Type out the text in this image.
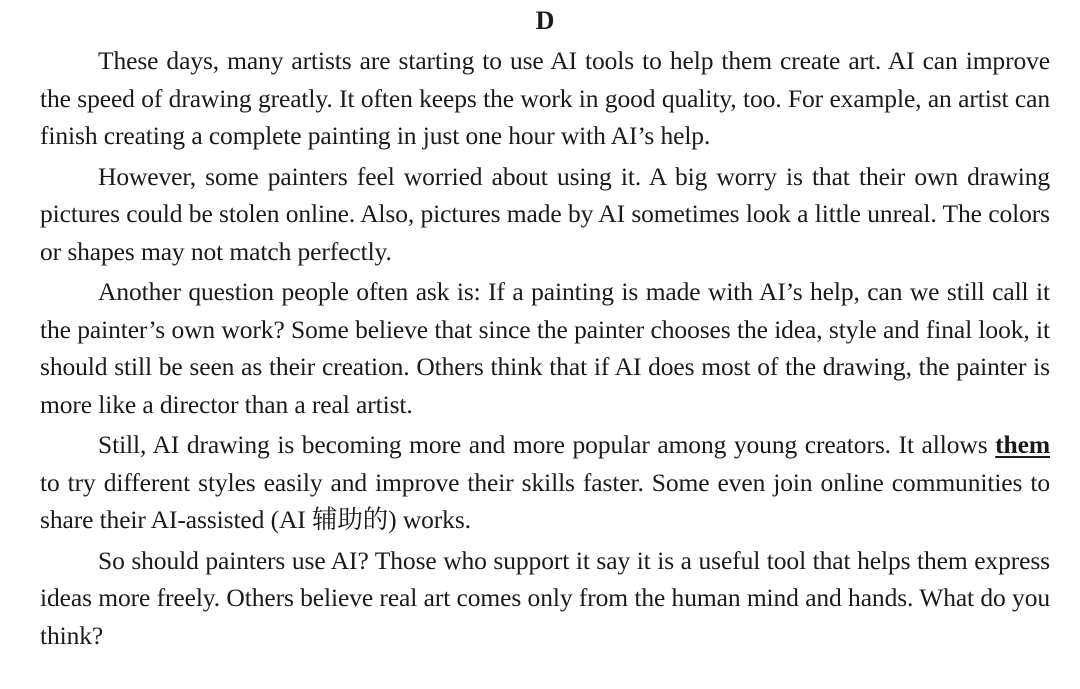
D

These days, many artists are starting to use AI tools to help them create art. AI can improve the speed of drawing greatly. It often keeps the work in good quality, too. For example, an artist can finish creating a complete painting in just one hour with AI’s help.

However, some painters feel worried about using it. A big worry is that their own drawing pictures could be stolen online. Also, pictures made by AI sometimes look a little unreal. The colors or shapes may not match perfectly.

Another question people often ask is: If a painting is made with AI’s help, can we still call it the painter’s own work? Some believe that since the painter chooses the idea, style and final look, it should still be seen as their creation. Others think that if AI does most of the drawing, the painter is more like a director than a real artist.

Still, AI drawing is becoming more and more popular among young creators. It allows them to try different styles easily and improve their skills faster. Some even join online communities to share their AI-assisted (AI 辅助的) works.

So should painters use AI? Those who support it say it is a useful tool that helps them express ideas more freely. Others believe real art comes only from the human mind and hands. What do you think?
